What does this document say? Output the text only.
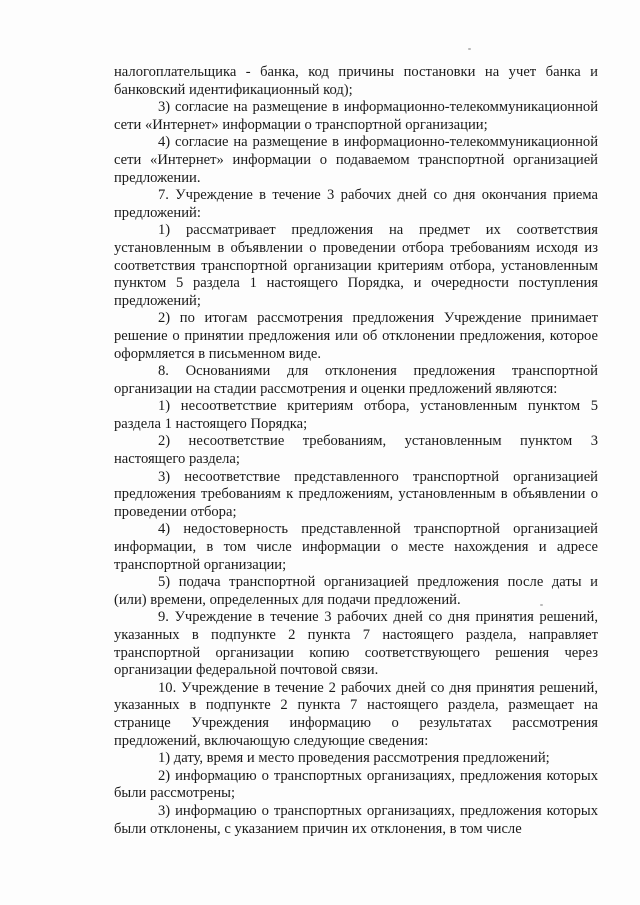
налогоплательщика - банка, код причины постановки на учет банка и банковский идентификационный код);

3) согласие на размещение в информационно-телекоммуникационной сети «Интернет» информации о транспортной организации;

4) согласие на размещение в информационно-телекоммуникационной сети «Интернет» информации о подаваемом транспортной организацией предложении.

7. Учреждение в течение 3 рабочих дней со дня окончания приема предложений:

1) рассматривает предложения на предмет их соответствия установленным в объявлении о проведении отбора требованиям исходя из соответствия транспортной организации критериям отбора, установленным пунктом 5 раздела 1 настоящего Порядка, и очередности поступления предложений;

2) по итогам рассмотрения предложения Учреждение принимает решение о принятии предложения или об отклонении предложения, которое оформляется в письменном виде.

8. Основаниями для отклонения предложения транспортной организации на стадии рассмотрения и оценки предложений являются:

1) несоответствие критериям отбора, установленным пунктом 5 раздела 1 настоящего Порядка;

2) несоответствие требованиям, установленным пунктом 3 настоящего раздела;

3) несоответствие представленного транспортной организацией предложения требованиям к предложениям, установленным в объявлении о проведении отбора;

4) недостоверность представленной транспортной организацией информации, в том числе информации о месте нахождения и адресе транспортной организации;

5) подача транспортной организацией предложения после даты и (или) времени, определенных для подачи предложений.

9. Учреждение в течение 3 рабочих дней со дня принятия решений, указанных в подпункте 2 пункта 7 настоящего раздела, направляет транспортной организации копию соответствующего решения через организации федеральной почтовой связи.

10. Учреждение в течение 2 рабочих дней со дня принятия решений, указанных в подпункте 2 пункта 7 настоящего раздела, размещает на странице Учреждения информацию о результатах рассмотрения предложений, включающую следующие сведения:

1) дату, время и место проведения рассмотрения предложений;

2) информацию о транспортных организациях, предложения которых были рассмотрены;

3) информацию о транспортных организациях, предложения которых были отклонены, с указанием причин их отклонения, в том числе
